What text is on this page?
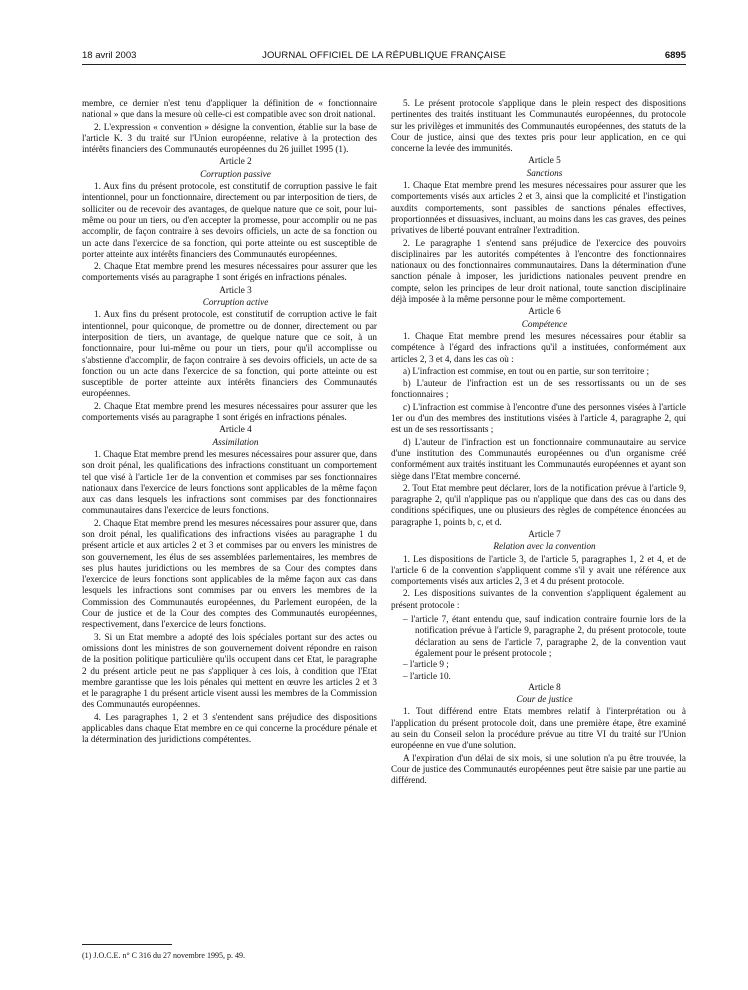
18 avril 2003	JOURNAL OFFICIEL DE LA RÉPUBLIQUE FRANÇAISE	6895

membre, ce dernier n'est tenu d'appliquer la définition de « fonctionnaire national » que dans la mesure où celle-ci est compatible avec son droit national.

2. L'expression « convention » désigne la convention, établie sur la base de l'article K. 3 du traité sur l'Union européenne, relative à la protection des intérêts financiers des Communautés européennes du 26 juillet 1995 (1).

Article 2

Corruption passive

1. Aux fins du présent protocole, est constitutif de corruption passive le fait intentionnel, pour un fonctionnaire, directement ou par interposition de tiers, de solliciter ou de recevoir des avantages, de quelque nature que ce soit, pour lui-même ou pour un tiers, ou d'en accepter la promesse, pour accomplir ou ne pas accomplir, de façon contraire à ses devoirs officiels, un acte de sa fonction ou un acte dans l'exercice de sa fonction, qui porte atteinte ou est susceptible de porter atteinte aux intérêts financiers des Communautés européennes.

2. Chaque Etat membre prend les mesures nécessaires pour assurer que les comportements visés au paragraphe 1 sont érigés en infractions pénales.

Article 3

Corruption active

1. Aux fins du présent protocole, est constitutif de corruption active le fait intentionnel, pour quiconque, de promettre ou de donner, directement ou par interposition de tiers, un avantage, de quelque nature que ce soit, à un fonctionnaire, pour lui-même ou pour un tiers, pour qu'il accomplisse ou s'abstienne d'accomplir, de façon contraire à ses devoirs officiels, un acte de sa fonction ou un acte dans l'exercice de sa fonction, qui porte atteinte ou est susceptible de porter atteinte aux intérêts financiers des Communautés européennes.

2. Chaque Etat membre prend les mesures nécessaires pour assurer que les comportements visés au paragraphe 1 sont érigés en infractions pénales.

Article 4

Assimilation

1. Chaque Etat membre prend les mesures nécessaires pour assurer que, dans son droit pénal, les qualifications des infractions constituant un comportement tel que visé à l'article 1er de la convention et commises par ses fonctionnaires nationaux dans l'exercice de leurs fonctions sont applicables de la même façon aux cas dans lesquels les infractions sont commises par des fonctionnaires communautaires dans l'exercice de leurs fonctions.

2. Chaque Etat membre prend les mesures nécessaires pour assurer que, dans son droit pénal, les qualifications des infractions visées au paragraphe 1 du présent article et aux articles 2 et 3 et commises par ou envers les ministres de son gouvernement, les élus de ses assemblées parlementaires, les membres de ses plus hautes juridictions ou les membres de sa Cour des comptes dans l'exercice de leurs fonctions sont applicables de la même façon aux cas dans lesquels les infractions sont commises par ou envers les membres de la Commission des Communautés européennes, du Parlement européen, de la Cour de justice et de la Cour des comptes des Communautés européennes, respectivement, dans l'exercice de leurs fonctions.

3. Si un Etat membre a adopté des lois spéciales portant sur des actes ou omissions dont les ministres de son gouvernement doivent répondre en raison de la position politique particulière qu'ils occupent dans cet Etat, le paragraphe 2 du présent article peut ne pas s'appliquer à ces lois, à condition que l'Etat membre garantisse que les lois pénales qui mettent en œuvre les articles 2 et 3 et le paragraphe 1 du présent article visent aussi les membres de la Commission des Communautés européennes.

4. Les paragraphes 1, 2 et 3 s'entendent sans préjudice des dispositions applicables dans chaque Etat membre en ce qui concerne la procédure pénale et la détermination des juridictions compétentes.

(1) J.O.C.E. n° C 316 du 27 novembre 1995, p. 49.

5. Le présent protocole s'applique dans le plein respect des dispositions pertinentes des traités instituant les Communautés européennes, du protocole sur les privilèges et immunités des Communautés européennes, des statuts de la Cour de justice, ainsi que des textes pris pour leur application, en ce qui concerne la levée des immunités.

Article 5

Sanctions

1. Chaque Etat membre prend les mesures nécessaires pour assurer que les comportements visés aux articles 2 et 3, ainsi que la complicité et l'instigation auxdits comportements, sont passibles de sanctions pénales effectives, proportionnées et dissuasives, incluant, au moins dans les cas graves, des peines privatives de liberté pouvant entraîner l'extradition.

2. Le paragraphe 1 s'entend sans préjudice de l'exercice des pouvoirs disciplinaires par les autorités compétentes à l'encontre des fonctionnaires nationaux ou des fonctionnaires communautaires. Dans la détermination d'une sanction pénale à imposer, les juridictions nationales peuvent prendre en compte, selon les principes de leur droit national, toute sanction disciplinaire déjà imposée à la même personne pour le même comportement.

Article 6

Compétence

1. Chaque Etat membre prend les mesures nécessaires pour établir sa compétence à l'égard des infractions qu'il a instituées, conformément aux articles 2, 3 et 4, dans les cas où :

a) L'infraction est commise, en tout ou en partie, sur son territoire ;

b) L'auteur de l'infraction est un de ses ressortissants ou un de ses fonctionnaires ;

c) L'infraction est commise à l'encontre d'une des personnes visées à l'article 1er ou d'un des membres des institutions visées à l'article 4, paragraphe 2, qui est un de ses ressortissants ;

d) L'auteur de l'infraction est un fonctionnaire communautaire au service d'une institution des Communautés européennes ou d'un organisme créé conformément aux traités instituant les Communautés européennes et ayant son siège dans l'Etat membre concerné.

2. Tout Etat membre peut déclarer, lors de la notification prévue à l'article 9, paragraphe 2, qu'il n'applique pas ou n'applique que dans des cas ou dans des conditions spécifiques, une ou plusieurs des règles de compétence énoncées au paragraphe 1, points b, c, et d.

Article 7

Relation avec la convention

1. Les dispositions de l'article 3, de l'article 5, paragraphes 1, 2 et 4, et de l'article 6 de la convention s'appliquent comme s'il y avait une référence aux comportements visés aux articles 2, 3 et 4 du présent protocole.

2. Les dispositions suivantes de la convention s'appliquent également au présent protocole :

– l'article 7, étant entendu que, sauf indication contraire fournie lors de la notification prévue à l'article 9, paragraphe 2, du présent protocole, toute déclaration au sens de l'article 7, paragraphe 2, de la convention vaut également pour le présent protocole ;
– l'article 9 ;
– l'article 10.

Article 8

Cour de justice

1. Tout différend entre Etats membres relatif à l'interprétation ou à l'application du présent protocole doit, dans une première étape, être examiné au sein du Conseil selon la procédure prévue au titre VI du traité sur l'Union européenne en vue d'une solution.

A l'expiration d'un délai de six mois, si une solution n'a pu être trouvée, la Cour de justice des Communautés européennes peut être saisie par une partie au différend.
